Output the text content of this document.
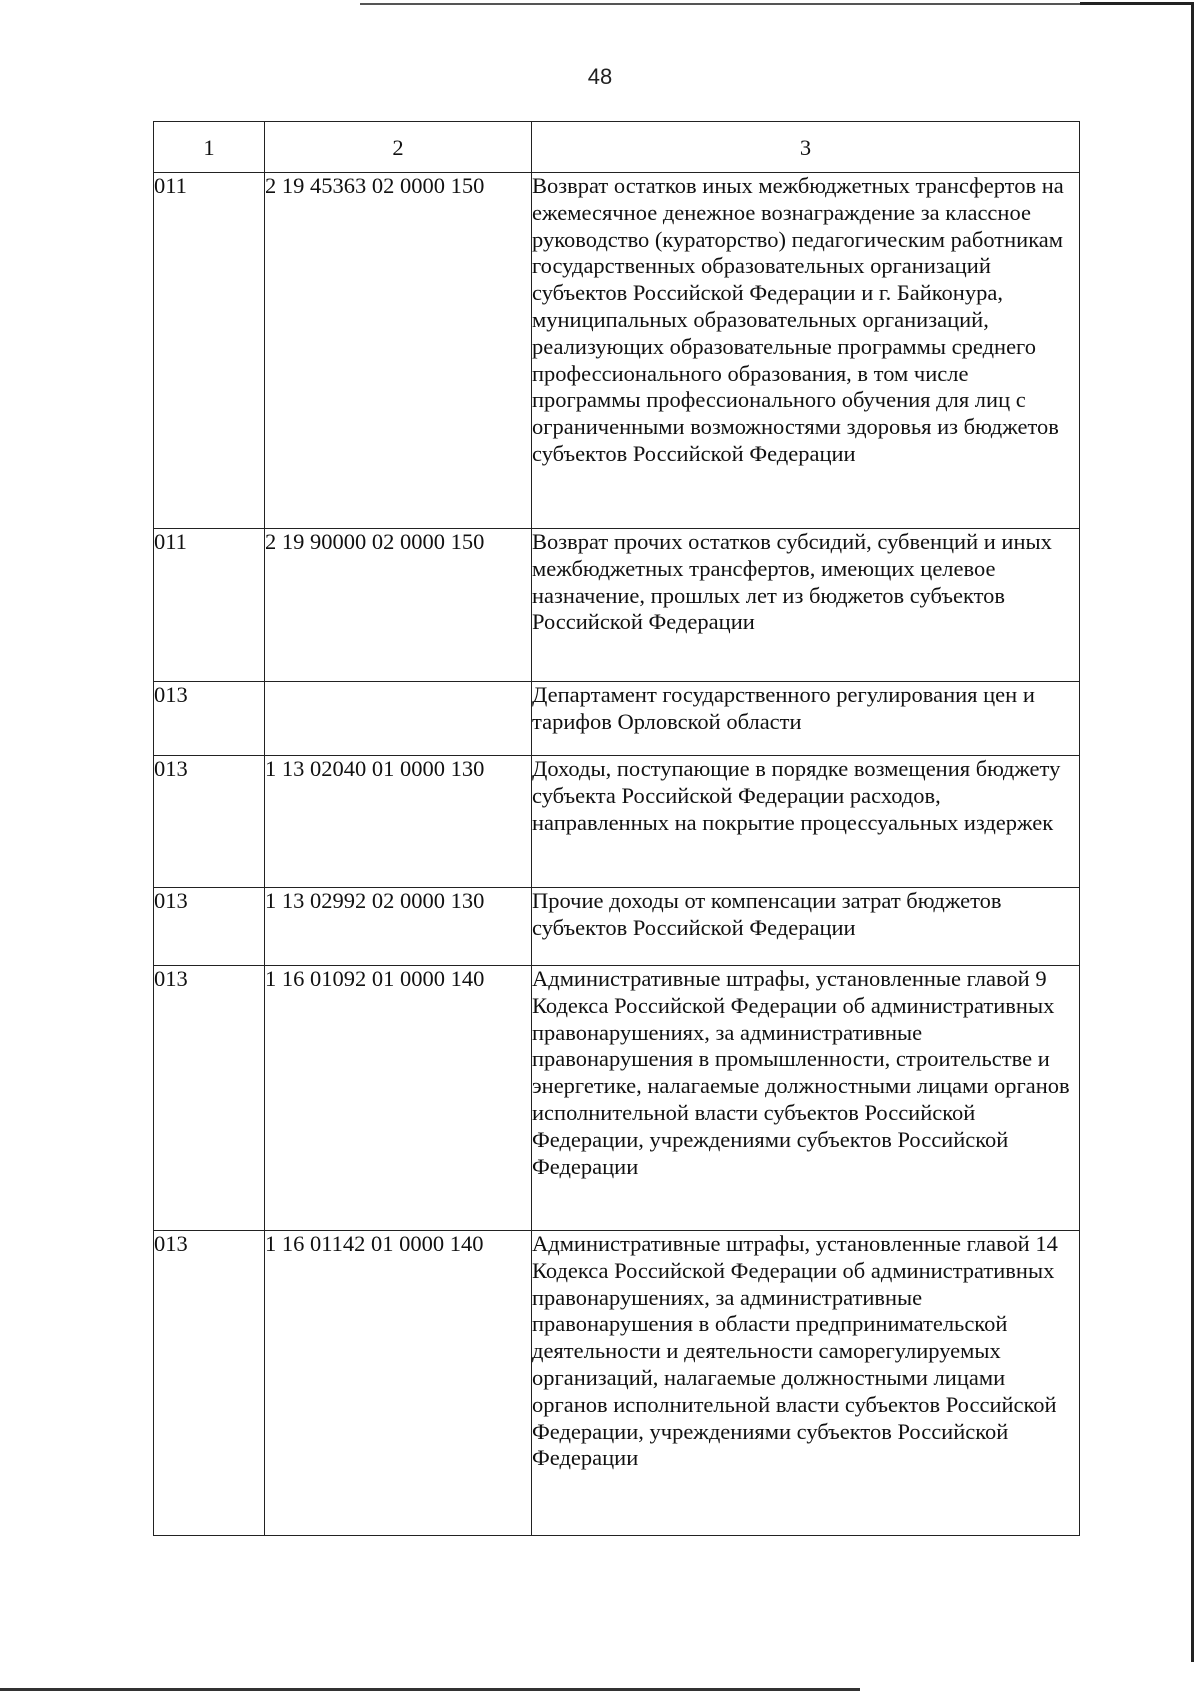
48
1	2	3
011	2 19 45363 02 0000 150	Возврат остатков иных межбюджетных трансфертов на ежемесячное денежное вознаграждение за классное руководство (кураторство) педагогическим работникам государственных образовательных организаций субъектов Российской Федерации и г. Байконура, муниципальных образовательных организаций, реализующих образовательные программы среднего профессионального образования, в том числе программы профессионального обучения для лиц с ограниченными возможностями здоровья из бюджетов субъектов Российской Федерации
011	2 19 90000 02 0000 150	Возврат прочих остатков субсидий, субвенций и иных межбюджетных трансфертов, имеющих целевое назначение, прошлых лет из бюджетов субъектов Российской Федерации
013		Департамент государственного регулирования цен и тарифов Орловской области
013	1 13 02040 01 0000 130	Доходы, поступающие в порядке возмещения бюджету субъекта Российской Федерации расходов, направленных на покрытие процессуальных издержек
013	1 13 02992 02 0000 130	Прочие доходы от компенсации затрат бюджетов субъектов Российской Федерации
013	1 16 01092 01 0000 140	Административные штрафы, установленные главой 9 Кодекса Российской Федерации об административных правонарушениях, за административные правонарушения в промышленности, строительстве и энергетике, налагаемые должностными лицами органов исполнительной власти субъектов Российской Федерации, учреждениями субъектов Российской Федерации
013	1 16 01142 01 0000 140	Административные штрафы, установленные главой 14 Кодекса Российской Федерации об административных правонарушениях, за административные правонарушения в области предпринимательской деятельности и деятельности саморегулируемых организаций, налагаемые должностными лицами органов исполнительной власти субъектов Российской Федерации, учреждениями субъектов Российской Федерации
